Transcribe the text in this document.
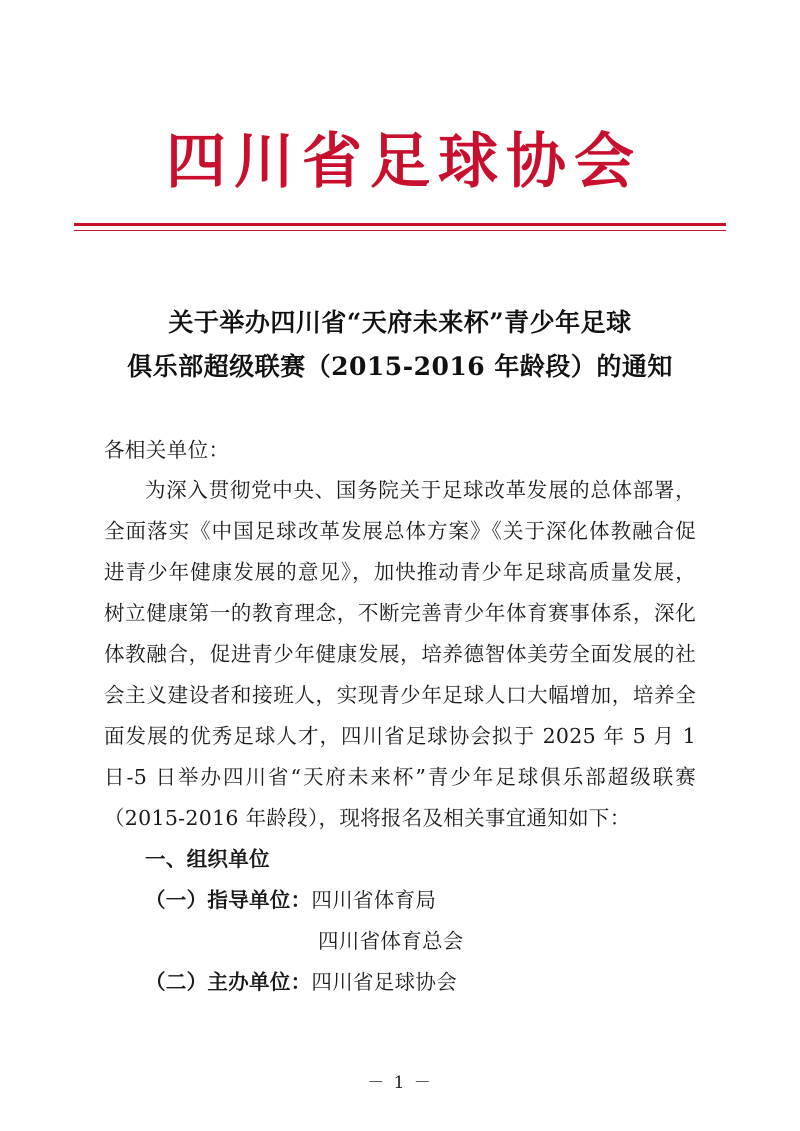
四川省足球协会
关于举办四川省“天府未来杯”青少年足球
俱乐部超级联赛（2015-2016 年龄段）的通知
各相关单位：

为深入贯彻党中央、国务院关于足球改革发展的总体部署，全面落实《中国足球改革发展总体方案》《关于深化体教融合促进青少年健康发展的意见》，加快推动青少年足球高质量发展，树立健康第一的教育理念，不断完善青少年体育赛事体系，深化体教融合，促进青少年健康发展，培养德智体美劳全面发展的社会主义建设者和接班人，实现青少年足球人口大幅增加，培养全面发展的优秀足球人才，四川省足球协会拟于 2025 年 5 月 1 日-5 日举办四川省“天府未来杯”青少年足球俱乐部超级联赛（2015-2016 年龄段），现将报名及相关事宜通知如下：

一、组织单位

（一）指导单位：四川省体育局

四川省体育总会

（二）主办单位：四川省足球协会

－ 1 －
